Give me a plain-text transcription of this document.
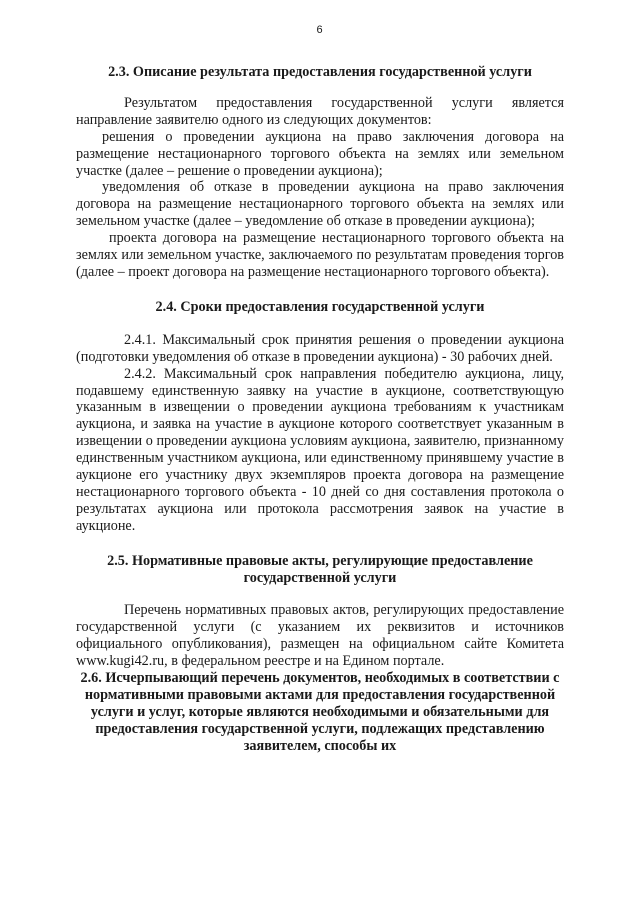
6

2.3. Описание результата предоставления государственной услуги

Результатом предоставления государственной услуги является направление заявителю одного из следующих документов:

решения о проведении аукциона на право заключения договора на размещение нестационарного торгового объекта на землях или земельном участке (далее – решение о проведении аукциона);

уведомления об отказе в проведении аукциона на право заключения договора на размещение нестационарного торгового объекта на землях или земельном участке (далее – уведомление об отказе в проведении аукциона);

проекта договора на размещение нестационарного торгового объекта на землях или земельном участке, заключаемого по результатам проведения торгов (далее – проект договора на размещение нестационарного торгового объекта).

2.4. Сроки предоставления государственной услуги

2.4.1. Максимальный срок принятия решения о проведении аукциона (подготовки уведомления об отказе в проведении аукциона) - 30 рабочих дней.

2.4.2. Максимальный срок направления победителю аукциона, лицу, подавшему единственную заявку на участие в аукционе, соответствующую указанным в извещении о проведении аукциона требованиям к участникам аукциона, и заявка на участие в аукционе которого соответствует указанным в извещении о проведении аукциона условиям аукциона, заявителю, признанному единственным участником аукциона, или единственному принявшему участие в аукционе его участнику двух экземпляров проекта договора на размещение нестационарного торгового объекта - 10 дней со дня составления протокола о результатах аукциона или протокола рассмотрения заявок на участие в аукционе.

2.5. Нормативные правовые акты, регулирующие предоставление государственной услуги

Перечень нормативных правовых актов, регулирующих предоставление государственной услуги (с указанием их реквизитов и источников официального опубликования), размещен на официальном сайте Комитета www.kugi42.ru, в федеральном реестре и на Едином портале.

2.6. Исчерпывающий перечень документов, необходимых в соответствии с нормативными правовыми актами для предоставления государственной услуги и услуг, которые являются необходимыми и обязательными для предоставления государственной услуги, подлежащих представлению заявителем, способы их
